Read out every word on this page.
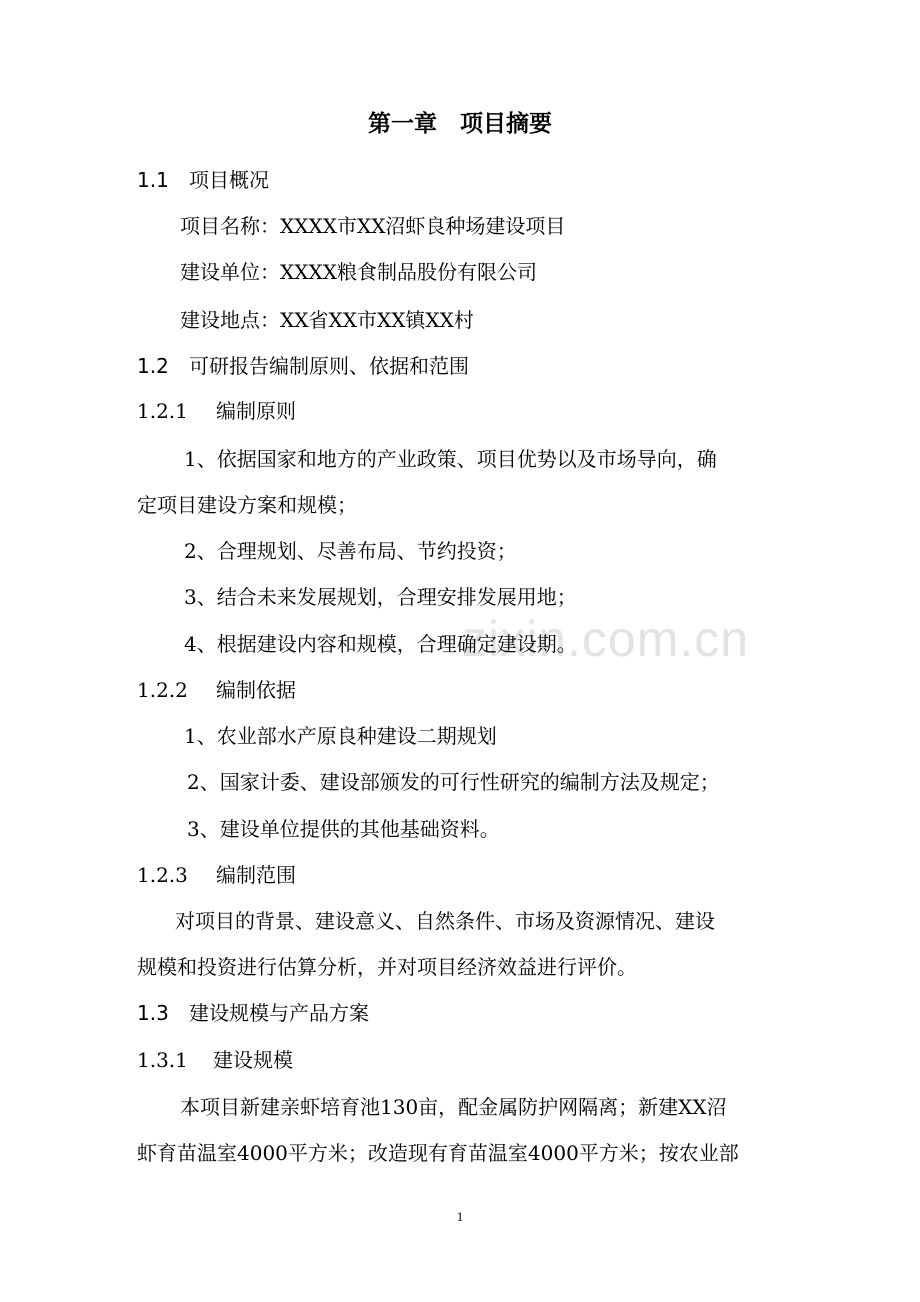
zixin.com.cn
第一章　项目摘要
1.1 项目概况
项目名称：XXXX市XX沼虾良种场建设项目
建设单位：XXXX粮食制品股份有限公司
建设地点：XX省XX市XX镇XX村
1.2 可研报告编制原则、依据和范围
1.2.1 编制原则
1、依据国家和地方的产业政策、项目优势以及市场导向，确
定项目建设方案和规模；
2、合理规划、尽善布局、节约投资；
3、结合未来发展规划，合理安排发展用地；
4、根据建设内容和规模，合理确定建设期。
1.2.2 编制依据
1、农业部水产原良种建设二期规划
2、国家计委、建设部颁发的可行性研究的编制方法及规定；
3、建设单位提供的其他基础资料。
1.2.3 编制范围
对项目的背景、建设意义、自然条件、市场及资源情况、建设
规模和投资进行估算分析，并对项目经济效益进行评价。
1.3 建设规模与产品方案
1.3.1 建设规模
本项目新建亲虾培育池130亩，配金属防护网隔离；新建XX沼
虾育苗温室4000平方米；改造现有育苗温室4000平方米；按农业部
1
